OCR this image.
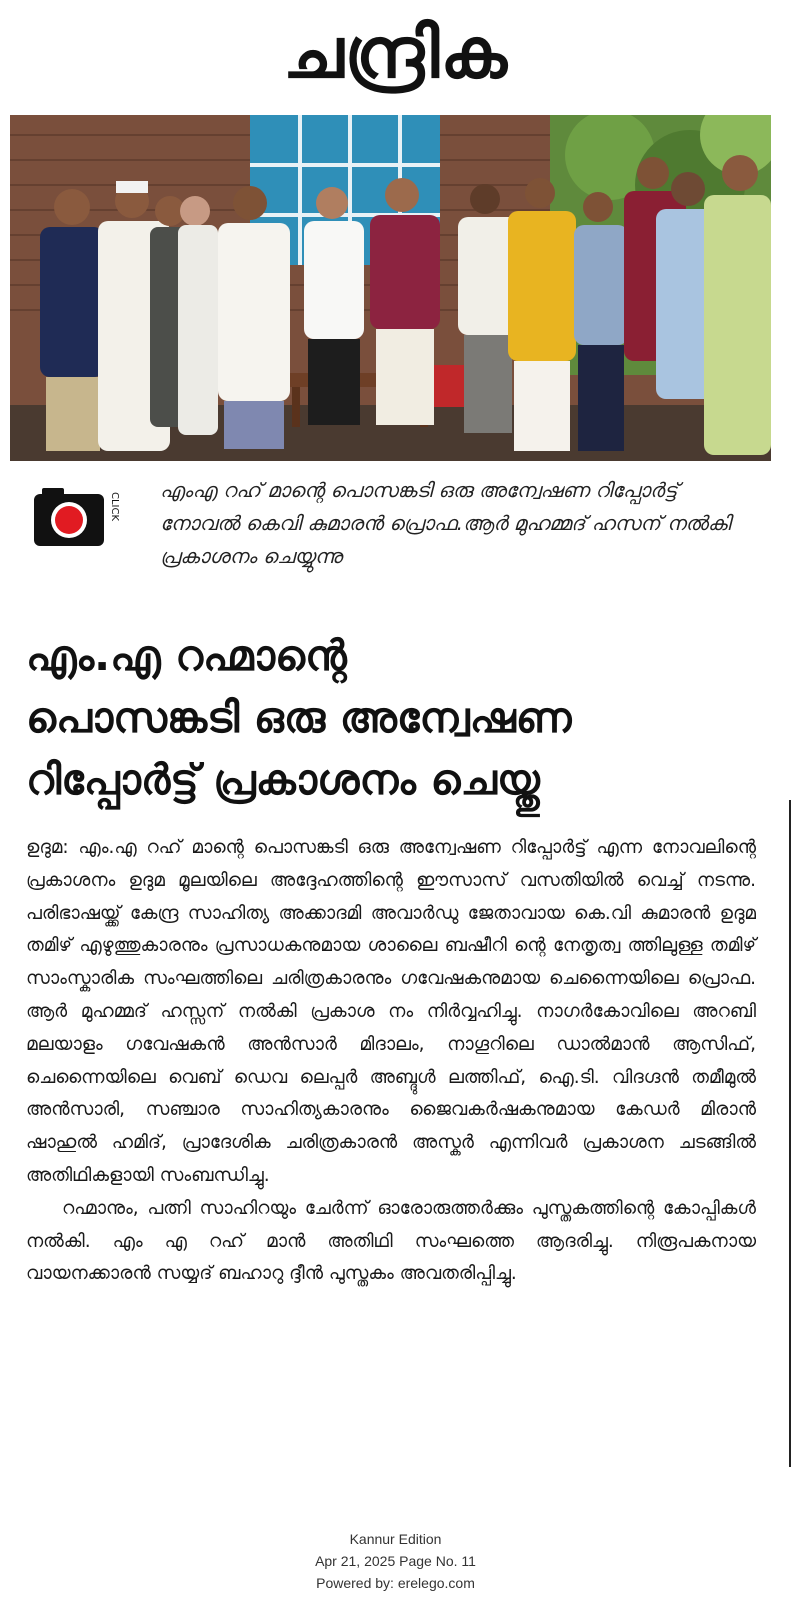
ചന്ദ്രിക
CLICK
എംഎ റഹ് മാന്റെ പൊസങ്കടി ഒരു അന്വേഷണ റിപ്പോർട്ട് നോവൽ കെവി കുമാരൻ പ്രൊഫ.ആർ മുഹമ്മദ് ഹസന് നൽകി പ്രകാശനം ചെയ്യുന്നു
എം.എ റഹ്മാന്റെ
പൊസങ്കടി ഒരു അന്വേഷണ
റിപ്പോർട്ട് പ്രകാശനം ചെയ്തു

ഉദുമ: എം.എ റഹ് മാന്റെ പൊസങ്കടി ഒരു അന്വേഷണ റിപ്പോർട്ട് എന്ന നോവലിന്റെ പ്രകാശനം ഉദുമ മൂലയിലെ അദ്ദേഹത്തിന്റെ ഈസാസ് വസതിയിൽ വെച്ച് നടന്നു. പരിഭാഷയ്ക്ക് കേന്ദ്ര സാഹിത്യ അക്കാദമി അവാർഡു ജേതാവായ കെ.വി കുമാരൻ ഉദുമ തമിഴ് എഴുത്തുകാരനും പ്രസാധകനുമായ ശാലൈ ബഷീറി ന്റെ നേതൃത്വ ത്തിലുള്ള തമിഴ് സാംസ്കാരിക സംഘത്തിലെ ചരിത്രകാരനും ഗവേഷകനുമായ ചെന്നൈയിലെ പ്രൊഫ. ആർ മുഹമ്മദ് ഹസ്സന് നൽകി പ്രകാശ നം നിർവ്വഹിച്ചു. നാഗർകോവിലെ അറബി മലയാളം ഗവേഷകൻ അൻസാർ മിദാലം, നാഗൂറിലെ ഡാൽമാൻ ആസിഫ്, ചെന്നൈയിലെ വെബ് ഡെവ ലെപ്പർ അബ്ദുൾ ലത്തിഫ്, ഐ.ടി. വിദഗ്ദൻ തമീമുൽ അൻസാരി, സഞ്ചാര സാഹിത്യകാരനും ജൈവകർഷകനുമായ കേഡർ മിരാൻ ഷാഹുൽ ഹമിദ്, പ്രാദേശിക ചരിത്രകാരൻ അസ്കർ എന്നിവർ പ്രകാശന ചടങ്ങിൽ അതിഥികളായി സംബന്ധിച്ചു.

റഹ്മാനും, പത്നി സാഹിറയും ചേർന്ന് ഓരോരുത്തർക്കും പുസ്തകത്തിന്റെ കോപ്പികൾ നൽകി. എം എ റഹ് മാൻ അതിഥി സംഘത്തെ ആദരിച്ചു. നിരൂപകനായ വായനക്കാരൻ സയ്യദ് ബഹാറു ദ്ദീൻ പുസ്തകം അവതരിപ്പിച്ചു.

Kannur Edition
Apr 21, 2025 Page No. 11
Powered by: erelego.com
